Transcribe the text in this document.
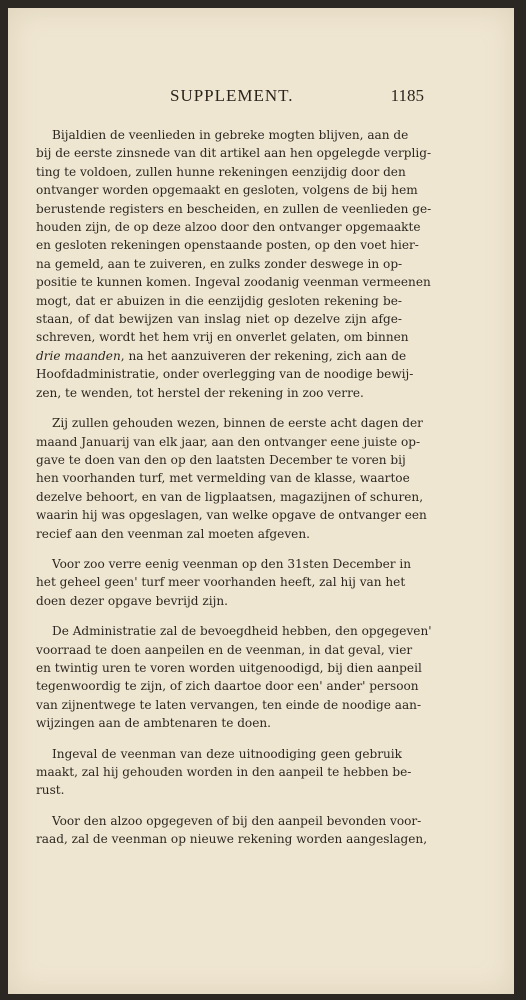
SUPPLEMENT.	1185
Bijaldien de veenlieden in gebreke mogten blijven, aan de
bij de eerste zinsnede van dit artikel aan hen opgelegde verplig-
ting te voldoen, zullen hunne rekeningen eenzijdig door den
ontvanger worden opgemaakt en gesloten, volgens de bij hem
berustende registers en bescheiden, en zullen de veenlieden ge-
houden zijn, de op deze alzoo door den ontvanger opgemaakte
en gesloten rekeningen openstaande posten, op den voet hier-
na gemeld, aan te zuiveren, en zulks zonder deswege in op-
positie te kunnen komen. Ingeval zoodanig veenman vermeenen
mogt, dat er abuizen in die eenzijdig gesloten rekening be-
staan, of dat bewijzen van inslag niet op dezelve zijn afge-
schreven, wordt het hem vrij en onverlet gelaten, om binnen
drie maanden, na het aanzuiveren der rekening, zich aan de
Hoofdadministratie, onder overlegging van de noodige bewij-
zen, te wenden, tot herstel der rekening in zoo verre.
Zij zullen gehouden wezen, binnen de eerste acht dagen der
maand Januarij van elk jaar, aan den ontvanger eene juiste op-
gave te doen van den op den laatsten December te voren bij
hen voorhanden turf, met vermelding van de klasse, waartoe
dezelve behoort, en van de ligplaatsen, magazijnen of schuren,
waarin hij was opgeslagen, van welke opgave de ontvanger een
recief aan den veenman zal moeten afgeven.
Voor zoo verre eenig veenman op den 31sten December in
het geheel geen' turf meer voorhanden heeft, zal hij van het
doen dezer opgave bevrijd zijn.
De Administratie zal de bevoegdheid hebben, den opgegeven'
voorraad te doen aanpeilen en de veenman, in dat geval, vier
en twintig uren te voren worden uitgenoodigd, bij dien aanpeil
tegenwoordig te zijn, of zich daartoe door een' ander' persoon
van zijnentwege te laten vervangen, ten einde de noodige aan-
wijzingen aan de ambtenaren te doen.
Ingeval de veenman van deze uitnoodiging geen gebruik
maakt, zal hij gehouden worden in den aanpeil te hebben be-
rust.
Voor den alzoo opgegeven of bij den aanpeil bevonden voor-
raad, zal de veenman op nieuwe rekening worden aangeslagen,
